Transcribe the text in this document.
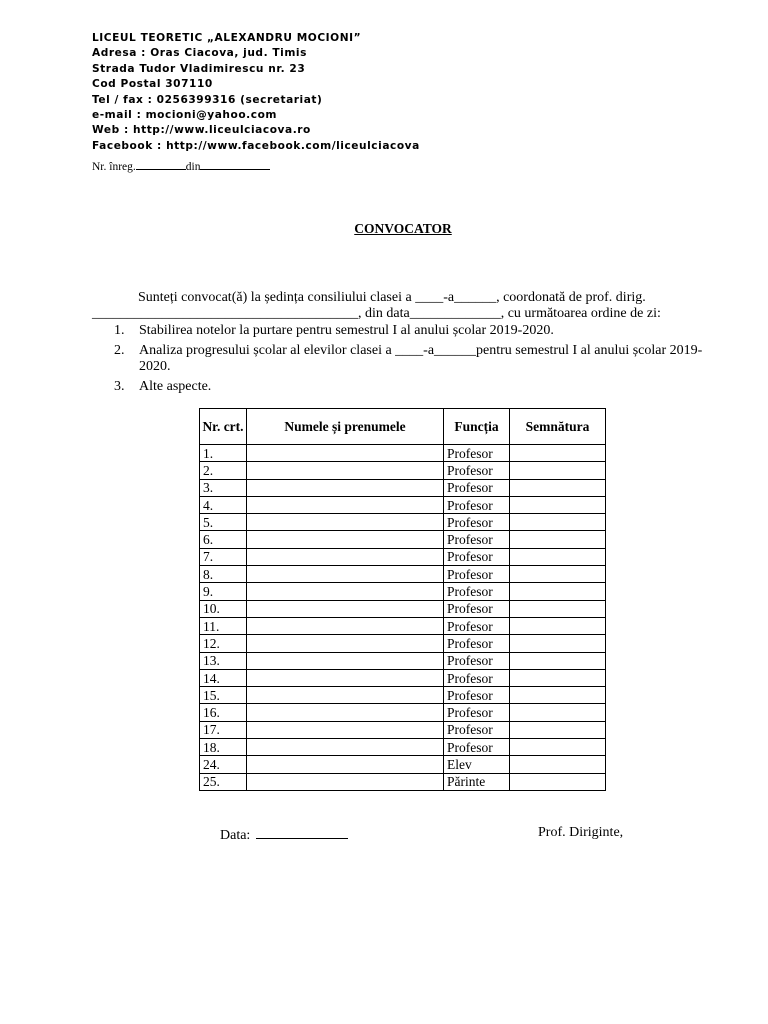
LICEUL TEORETIC „ALEXANDRU MOCIONI”
Adresa : Oras Ciacova, jud. Timis
Strada Tudor Vladimirescu nr. 23
Cod Postal 307110
Tel / fax : 0256399316 (secretariat)
e-mail : mocioni@yahoo.com
Web : http://www.liceulciacova.ro
Facebook : http://www.facebook.com/liceulciacova
Nr. înreg.	din
CONVOCATOR
Sunteți convocat(ă) la ședința consiliului clasei a ____-a______, coordonată de prof. dirig.
______________________________________, din data_____________, cu următoarea ordine de zi:
1. Stabilirea notelor la purtare pentru semestrul I al anului școlar 2019-2020.
2. Analiza progresului școlar al elevilor clasei a ____-a______pentru semestrul I al anului școlar 2019-2020.
3. Alte aspecte.
Nr. crt.	Numele și prenumele	Funcția	Semnătura
1.		Profesor	
2.		Profesor	
3.		Profesor	
4.		Profesor	
5.		Profesor	
6.		Profesor	
7.		Profesor	
8.		Profesor	
9.		Profesor	
10.		Profesor	
11.		Profesor	
12.		Profesor	
13.		Profesor	
14.		Profesor	
15.		Profesor	
16.		Profesor	
17.		Profesor	
18.		Profesor	
24.		Elev	
25.		Părinte	
Data:	Prof. Diriginte,
